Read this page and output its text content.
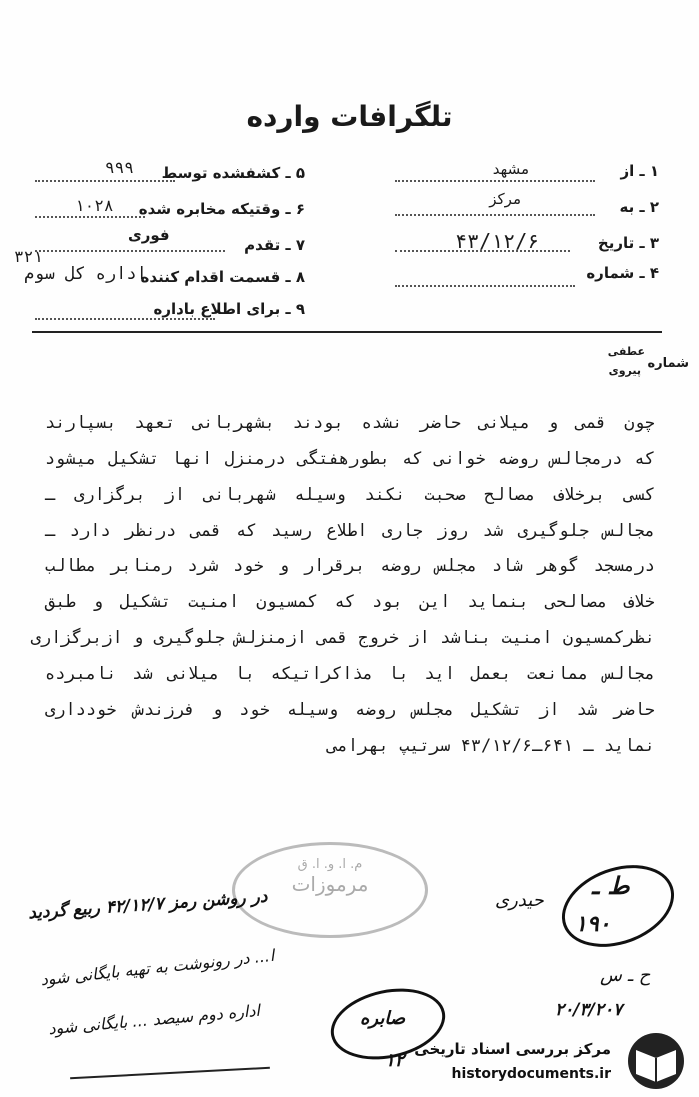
تلگرافات وارده
۱ ـ از
مشهد
۲ ـ به
مرکز
۳ ـ تاریخ
۴۳/۱۲/۶
۴ ـ شماره
۵ ـ کشفشده توسط
۹۹۹
۶ ـ وقتیکه مخابره شده
۱۰۲۸
۷ ـ تقدم
فوری
۳۲۱
۸ ـ قسمت اقدام کننده
اداره کل سوم
۹ ـ برای اطلاع باداره
شماره
عطفی
پیروی
چون قمی و میلانی حاضر نشده بودند بشهربانی تعهد بسپارند
که درمجالس روضه خوانی که بطورهفتگی درمنزل انها تشکیل میشود
کسی برخلاف مصالح صحبت نکند وسیله شهربانی از برگزاری ـ
مجالس جلوگیری شد روز جاری اطلاع رسید که قمی درنظر دارد ـ
درمسجد گوهر شاد مجلس روضه برقرار و خود شرد رمنابر مطالب
خلاف مصالحی بنماید این بود که کمسیون امنیت تشکیل و طبق
نظرکمسیون امنیت بناشد از خروج قمی ازمنزلش جلوگیری و ازبرگزاری
مجالس ممانعت بعمل اید با مذاکراتیکه با میلانی شد نامبرده
حاضر شد از تشکیل مجلس روضه وسیله خود و فرزندش خودداری
نماید ـ ۶۴۱ـ۴۳/۱۲/۶ سرتیپ بهرامی
م. ا. و. ا. ق
مرموزات
در روشن رمز ۴۲/۱۲/۷ ربیع گردید
ا... در رونوشت به تهیه بایگانی شود
اداره دوم سیصد ... بایگانی شود	صابره
۱۲
ط ـ
۱۹۰
حیدری
ح ـ س
۲۰/۳/۲۰۷
مرکز بررسی اسناد تاریخی
historydocuments.ir
